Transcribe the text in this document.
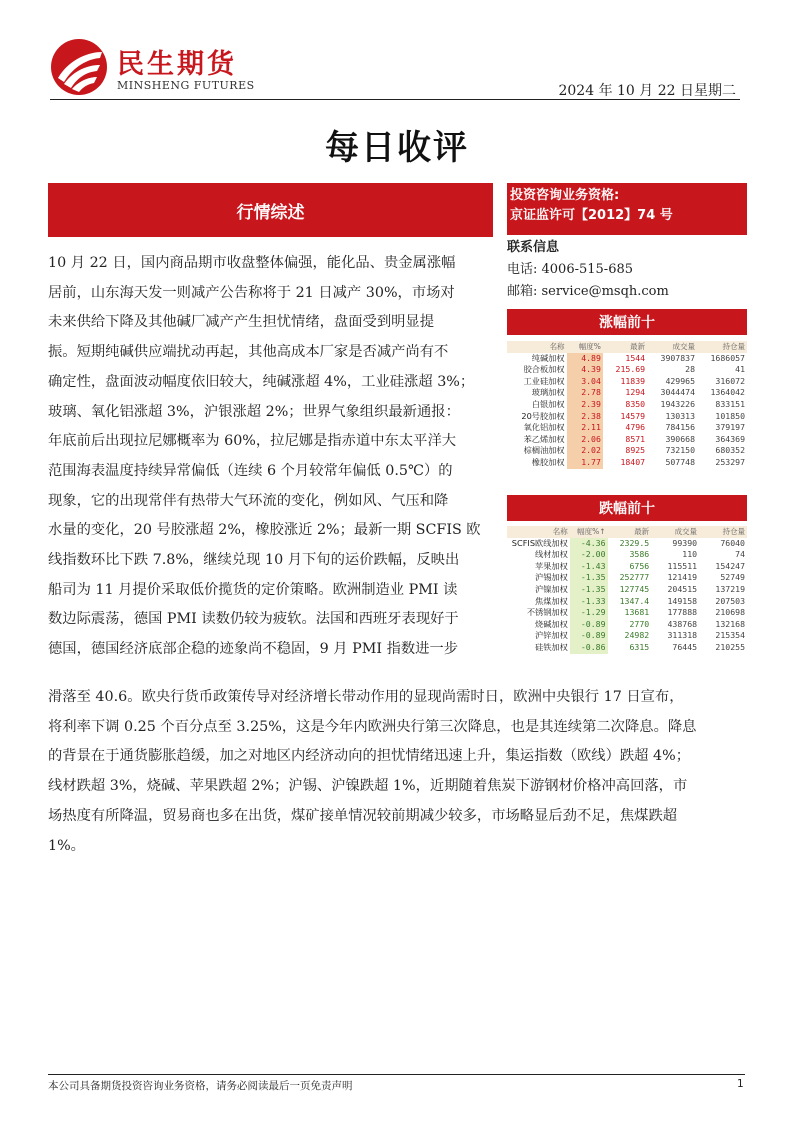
民生期货
MINSHENG FUTURES	2024 年 10 月 22 日星期二
每日收评
行情综述
投资咨询业务资格:
京证监许可【2012】74 号
联系信息
电话: 4006-515-685
邮箱: service@msqh.com
涨幅前十
名称	幅度%	最新	成交量	持仓量
纯碱加权	4.89	1544	3907837	1686057
胶合板加权	4.39	215.69	28	41
工业硅加权	3.04	11839	429965	316072
玻璃加权	2.78	1294	3044474	1364042
白银加权	2.39	8350	1943226	833151
20号胶加权	2.38	14579	130313	101850
氧化铝加权	2.11	4796	784156	379197
苯乙烯加权	2.06	8571	390668	364369
棕榈油加权	2.02	8925	732150	680352
橡胶加权	1.77	18407	507748	253297
跌幅前十
名称	幅度%↑	最新	成交量	持仓量
SCFIS欧线加权	-4.36	2329.5	99390	76040
线材加权	-2.00	3586	110	74
苹果加权	-1.43	6756	115511	154247
沪锡加权	-1.35	252777	121419	52749
沪镍加权	-1.35	127745	204515	137219
焦煤加权	-1.33	1347.4	149158	207503
不锈钢加权	-1.29	13681	177888	210698
烧碱加权	-0.89	2770	438768	132168
沪锌加权	-0.89	24982	311318	215354
硅铁加权	-0.86	6315	76445	210255
10 月 22 日，国内商品期市收盘整体偏强，能化品、贵金属涨幅
居前，山东海天发一则减产公告称将于 21 日减产 30%，市场对
未来供给下降及其他碱厂减产产生担忧情绪，盘面受到明显提
振。短期纯碱供应端扰动再起，其他高成本厂家是否减产尚有不
确定性，盘面波动幅度依旧较大，纯碱涨超 4%，工业硅涨超 3%；
玻璃、氧化铝涨超 3%，沪银涨超 2%；世界气象组织最新通报：
年底前后出现拉尼娜概率为 60%，拉尼娜是指赤道中东太平洋大
范围海表温度持续异常偏低（连续 6 个月较常年偏低 0.5℃）的
现象，它的出现常伴有热带大气环流的变化，例如风、气压和降
水量的变化，20 号胶涨超 2%，橡胶涨近 2%；最新一期 SCFIS 欧
线指数环比下跌 7.8%，继续兑现 10 月下旬的运价跌幅，反映出
船司为 11 月提价采取低价揽货的定价策略。欧洲制造业 PMI 读
数边际震荡，德国 PMI 读数仍较为疲软。法国和西班牙表现好于
德国，德国经济底部企稳的迹象尚不稳固，9 月 PMI 指数进一步
滑落至 40.6。欧央行货币政策传导对经济增长带动作用的显现尚需时日，欧洲中央银行 17 日宣布，
将利率下调 0.25 个百分点至 3.25%，这是今年内欧洲央行第三次降息，也是其连续第二次降息。降息
的背景在于通货膨胀趋缓，加之对地区内经济动向的担忧情绪迅速上升，集运指数（欧线）跌超 4%；
线材跌超 3%，烧碱、苹果跌超 2%；沪锡、沪镍跌超 1%，近期随着焦炭下游钢材价格冲高回落，市
场热度有所降温，贸易商也多在出货，煤矿接单情况较前期减少较多，市场略显后劲不足，焦煤跌超
1%。
本公司具备期货投资咨询业务资格，请务必阅读最后一页免责声明	1
